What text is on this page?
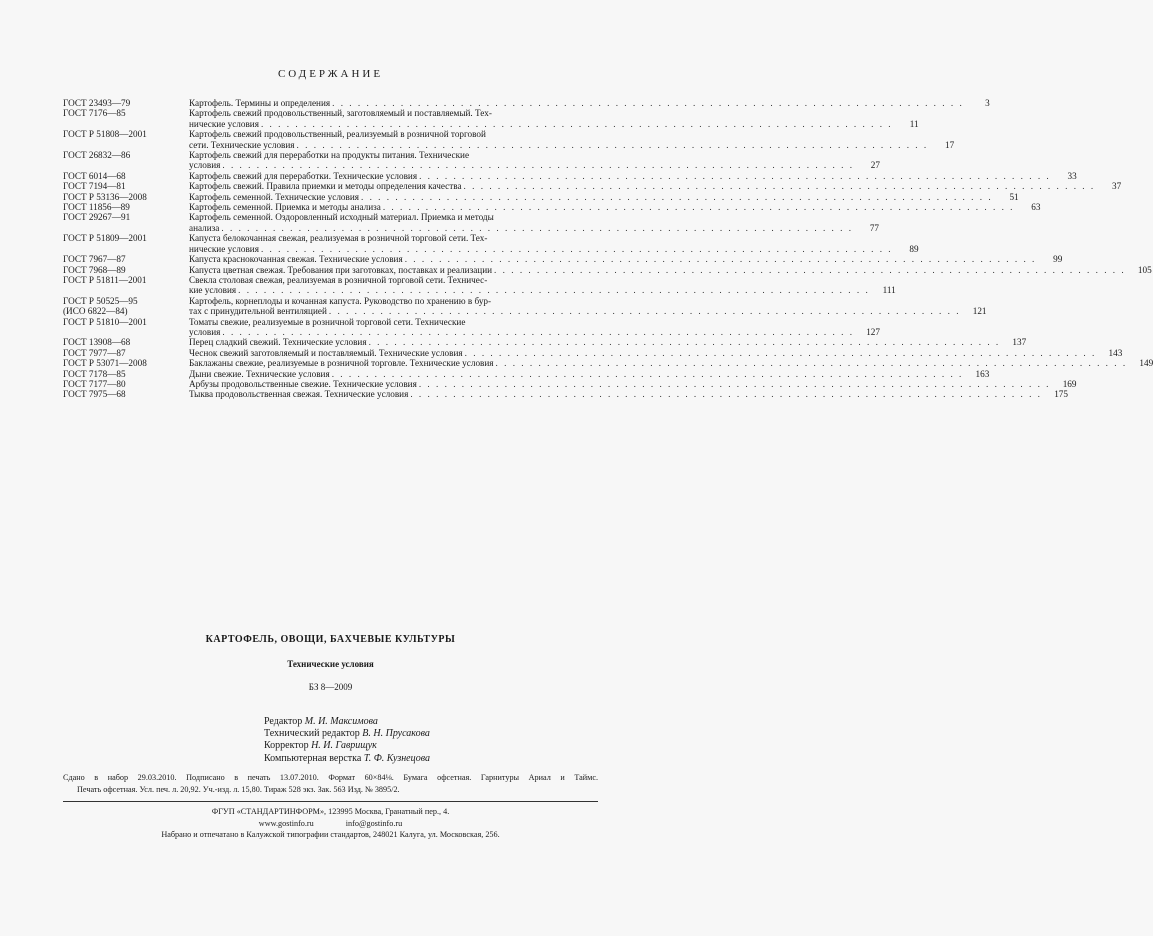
СОДЕРЖАНИЕ
ГОСТ 23493—79	Картофель. Термины и определения . . .	3
ГОСТ 7176—85	Картофель свежий продовольственный, заготовляемый и поставляемый. Тех-
нические условия . . .	11
ГОСТ Р 51808—2001	Картофель свежий продовольственный, реализуемый в розничной торговой
сети. Технические условия . . .	17
ГОСТ 26832—86	Картофель свежий для переработки на продукты питания. Технические
условия . . .	27
ГОСТ 6014—68	Картофель свежий для переработки. Технические условия . . .	33
ГОСТ 7194—81	Картофель свежий. Правила приемки и методы определения качества . . .	37
ГОСТ Р 53136—2008	Картофель семенной. Технические условия . . .	51
ГОСТ 11856—89	Картофель семенной. Приемка и методы анализа . . .	63
ГОСТ 29267—91	Картофель семенной. Оздоровленный исходный материал. Приемка и методы
анализа . . .	77
ГОСТ Р 51809—2001	Капуста белокочанная свежая, реализуемая в розничной торговой сети. Тех-
нические условия . . .	89
ГОСТ 7967—87	Капуста краснокочанная свежая. Технические условия . . .	99
ГОСТ 7968—89	Капуста цветная свежая. Требования при заготовках, поставках и реализации . . .	105
ГОСТ Р 51811—2001	Свекла столовая свежая, реализуемая в розничной торговой сети. Техничес-
кие условия . . .	111
ГОСТ Р 50525—95
(ИСО 6822—84)
Картофель, корнеплоды и кочанная капуста. Руководство по хранению в бур-
тах с принудительной вентиляцией . . .	121
ГОСТ Р 51810—2001	Томаты свежие, реализуемые в розничной торговой сети. Технические
условия . . .	127
ГОСТ 13908—68	Перец сладкий свежий. Технические условия . . .	137
ГОСТ 7977—87	Чеснок свежий заготовляемый и поставляемый. Технические условия . . .	143
ГОСТ Р 53071—2008	Баклажаны свежие, реализуемые в розничной торговле. Технические условия . . .	149
ГОСТ 7178—85	Дыни свежие. Технические условия . . .	163
ГОСТ 7177—80	Арбузы продовольственные свежие. Технические условия . . .	169
ГОСТ 7975—68	Тыква продовольственная свежая. Технические условия . . .	175
КАРТОФЕЛЬ, ОВОЩИ, БАХЧЕВЫЕ КУЛЬТУРЫ
Технические условия
БЗ 8—2009
Редактор М. И. Максимова
Технический редактор В. Н. Прусакова
Корректор Н. И. Гаврищук
Компьютерная верстка Т. Ф. Кузнецова
Сдано в набор 29.03.2010. Подписано в печать 13.07.2010. Формат 60×84⅛. Бумага офсетная. Гарнитуры Ариал и Таймс.
Печать офсетная. Усл. печ. л. 20,92. Уч.-изд. л. 15,80. Тираж 528 экз. Зак. 563 Изд. № 3895/2.
ФГУП «СТАНДАРТИНФОРМ», 123995 Москва, Гранатный пер., 4.
www.gostinfo.ru	info@gostinfo.ru
Набрано и отпечатано в Калужской типографии стандартов, 248021 Калуга, ул. Московская, 256.
